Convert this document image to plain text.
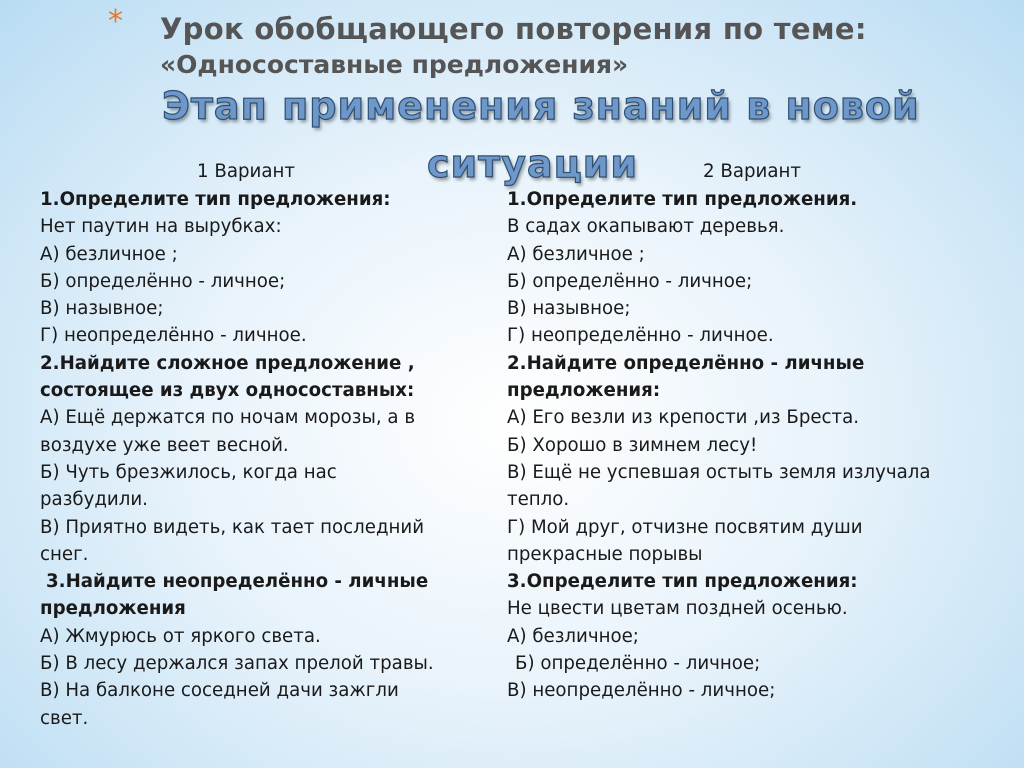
* Урок обобщающего повторения по теме:
«Односоставные предложения»
Этап применения знаний в новой
ситуации
1 Вариант
1.Определите тип предложения:
Нет паутин на вырубках:
А) безличное ;
Б) определённо - личное;
В) назывное;
Г) неопределённо - личное.
2.Найдите сложное предложение ,
состоящее из двух односоставных:
А) Ещё держатся по ночам морозы, а в
воздухе уже веет весной.
Б) Чуть брезжилось, когда нас
разбудили.
В) Приятно видеть, как тает последний
снег.
3.Найдите неопределённо - личные
предложения
А) Жмурюсь от яркого света.
Б) В лесу держался запах прелой травы.
В) На балконе соседней дачи зажгли
свет.
2 Вариант
1.Определите тип предложения.
В садах окапывают деревья.
А) безличное ;
Б) определённо - личное;
В) назывное;
Г) неопределённо - личное.
2.Найдите определённо - личные
предложения:
А) Его везли из крепости ,из Бреста.
Б) Хорошо в зимнем лесу!
В) Ещё не успевшая остыть земля излучала
тепло.
Г) Мой друг, отчизне посвятим души
прекрасные порывы
3.Определите тип предложения:
Не цвести цветам поздней осенью.
А) безличное;
Б) определённо - личное;
В) неопределённо - личное;
